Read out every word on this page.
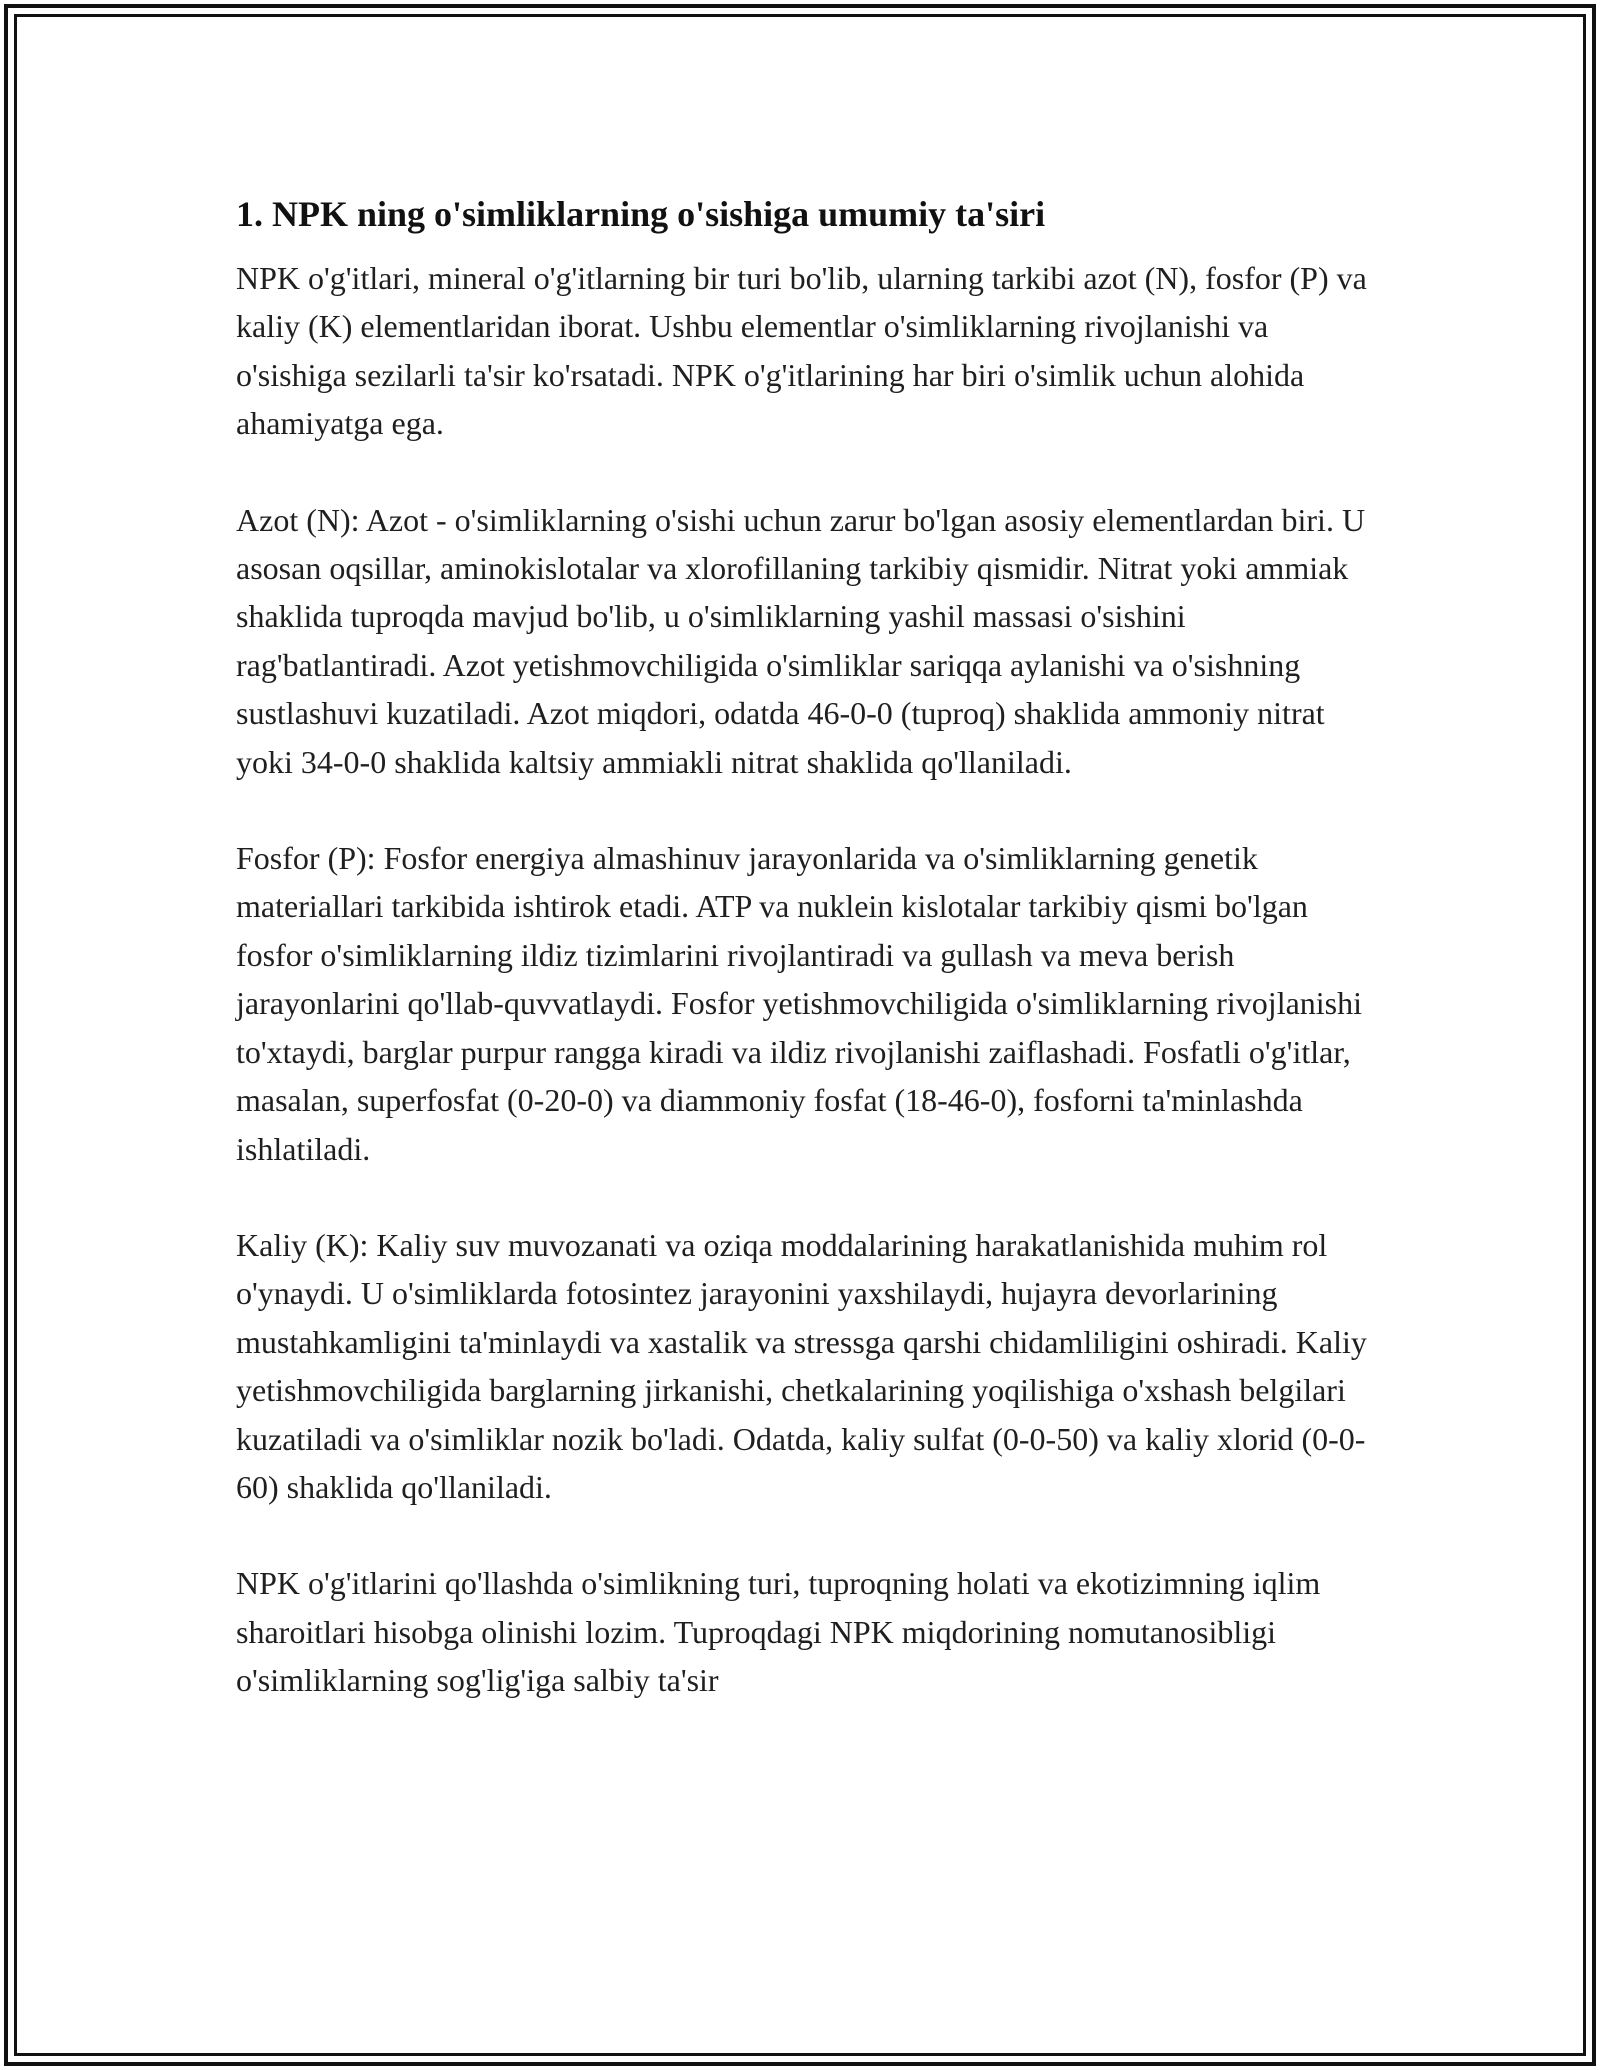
1. NPK ning o'simliklarning o'sishiga umumiy ta'siri

NPK o'g'itlari, mineral o'g'itlarning bir turi bo'lib, ularning tarkibi azot (N), fosfor (P) va kaliy (K) elementlaridan iborat. Ushbu elementlar o'simliklarning rivojlanishi va o'sishiga sezilarli ta'sir ko'rsatadi. NPK o'g'itlarining har biri o'simlik uchun alohida ahamiyatga ega.

Azot (N): Azot - o'simliklarning o'sishi uchun zarur bo'lgan asosiy elementlardan biri. U asosan oqsillar, aminokislotalar va xlorofillaning tarkibiy qismidir. Nitrat yoki ammiak shaklida tuproqda mavjud bo'lib, u o'simliklarning yashil massasi o'sishini rag'batlantiradi. Azot yetishmovchiligida o'simliklar sariqqa aylanishi va o'sishning sustlashuvi kuzatiladi. Azot miqdori, odatda 46-0-0 (tuproq) shaklida ammoniy nitrat yoki 34-0-0 shaklida kaltsiy ammiakli nitrat shaklida qo'llaniladi.

Fosfor (P): Fosfor energiya almashinuv jarayonlarida va o'simliklarning genetik materiallari tarkibida ishtirok etadi. ATP va nuklein kislotalar tarkibiy qismi bo'lgan fosfor o'simliklarning ildiz tizimlarini rivojlantiradi va gullash va meva berish jarayonlarini qo'llab-quvvatlaydi. Fosfor yetishmovchiligida o'simliklarning rivojlanishi to'xtaydi, barglar purpur rangga kiradi va ildiz rivojlanishi zaiflashadi. Fosfatli o'g'itlar, masalan, superfosfat (0-20-0) va diammoniy fosfat (18-46-0), fosforni ta'minlashda ishlatiladi.

Kaliy (K): Kaliy suv muvozanati va oziqa moddalarining harakatlanishida muhim rol o'ynaydi. U o'simliklarda fotosintez jarayonini yaxshilaydi, hujayra devorlarining mustahkamligini ta'minlaydi va xastalik va stressga qarshi chidamliligini oshiradi. Kaliy yetishmovchiligida barglarning jirkanishi, chetkalarining yoqilishiga o'xshash belgilari kuzatiladi va o'simliklar nozik bo'ladi. Odatda, kaliy sulfat (0-0-50) va kaliy xlorid (0-0-60) shaklida qo'llaniladi.

NPK o'g'itlarini qo'llashda o'simlikning turi, tuproqning holati va ekotizimning iqlim sharoitlari hisobga olinishi lozim. Tuproqdagi NPK miqdorining nomutanosibligi o'simliklarning sog'lig'iga salbiy ta'sir
